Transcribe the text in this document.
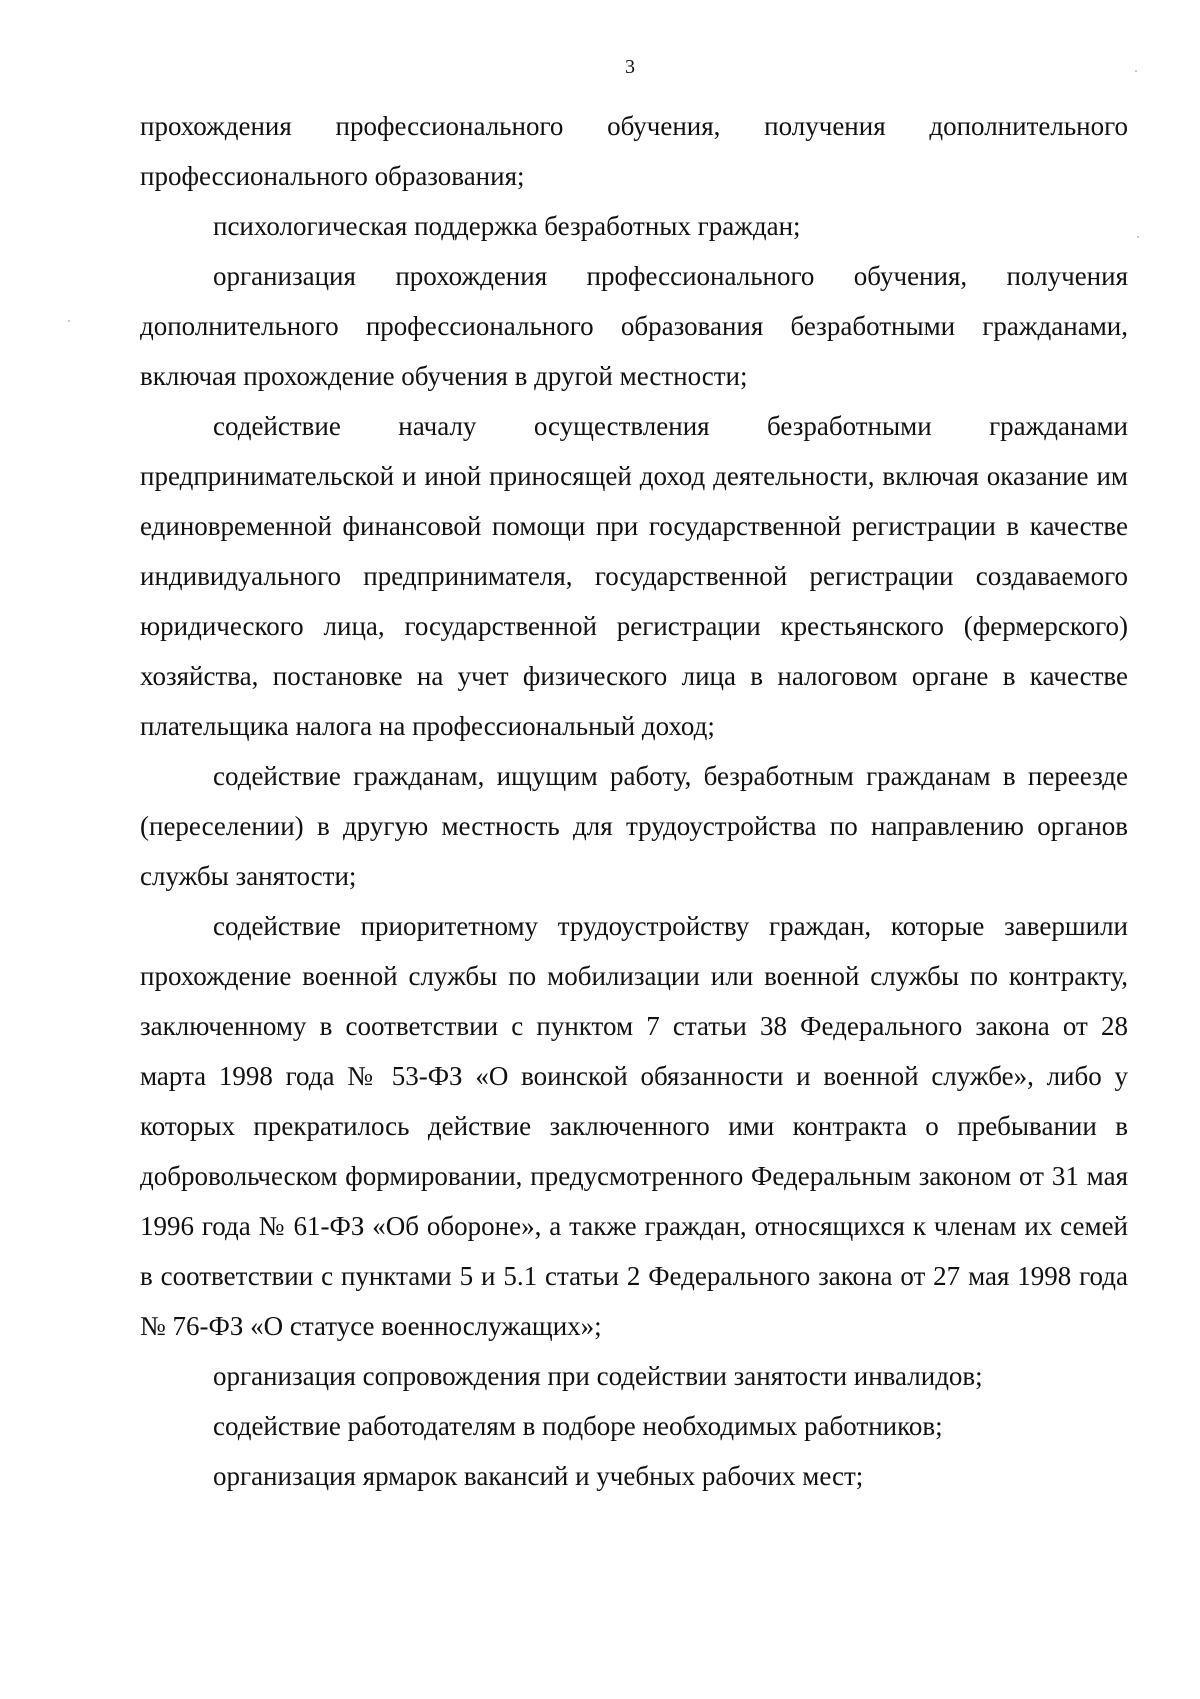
3

прохождения профессионального обучения, получения дополнительного профессионального образования;

психологическая поддержка безработных граждан;

организация прохождения профессионального обучения, получения дополнительного профессионального образования безработными гражданами, включая прохождение обучения в другой местности;

содействие началу осуществления безработными гражданами предпринимательской и иной приносящей доход деятельности, включая оказание им единовременной финансовой помощи при государственной регистрации в качестве индивидуального предпринимателя, государственной регистрации создаваемого юридического лица, государственной регистрации крестьянского (фермерского) хозяйства, постановке на учет физического лица в налоговом органе в качестве плательщика налога на профессиональный доход;

содействие гражданам, ищущим работу, безработным гражданам в переезде (переселении) в другую местность для трудоустройства по направлению органов службы занятости;

содействие приоритетному трудоустройству граждан, которые завершили прохождение военной службы по мобилизации или военной службы по контракту, заключенному в соответствии с пунктом 7 статьи 38 Федерального закона от 28 марта 1998 года № 53-ФЗ «О воинской обязанности и военной службе», либо у которых прекратилось действие заключенного ими контракта о пребывании в добровольческом формировании, предусмотренного Федеральным законом от 31 мая 1996 года № 61-ФЗ «Об обороне», а также граждан, относящихся к членам их семей в соответствии с пунктами 5 и 5.1 статьи 2 Федерального закона от 27 мая 1998 года № 76-ФЗ «О статусе военнослужащих»;

организация сопровождения при содействии занятости инвалидов;

содействие работодателям в подборе необходимых работников;

организация ярмарок вакансий и учебных рабочих мест;
